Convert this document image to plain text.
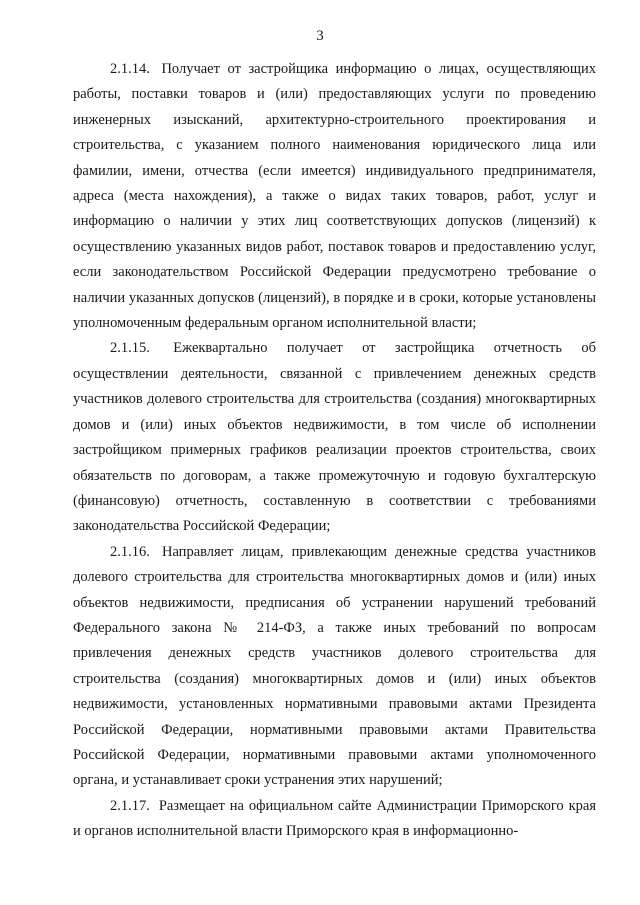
3

2.1.14. Получает от застройщика информацию о лицах, осуществляющих работы, поставки товаров и (или) предоставляющих услуги по проведению инженерных изысканий, архитектурно-строительного проектирования и строительства, с указанием полного наименования юридического лица или фамилии, имени, отчества (если имеется) индивидуального предпринимателя, адреса (места нахождения), а также о видах таких товаров, работ, услуг и информацию о наличии у этих лиц соответствующих допусков (лицензий) к осуществлению указанных видов работ, поставок товаров и предоставлению услуг, если законодательством Российской Федерации предусмотрено требование о наличии указанных допусков (лицензий), в порядке и в сроки, которые установлены уполномоченным федеральным органом исполнительной власти;

2.1.15. Ежеквартально получает от застройщика отчетность об осуществлении деятельности, связанной с привлечением денежных средств участников долевого строительства для строительства (создания) многоквартирных домов и (или) иных объектов недвижимости, в том числе об исполнении застройщиком примерных графиков реализации проектов строительства, своих обязательств по договорам, а также промежуточную и годовую бухгалтерскую (финансовую) отчетность, составленную в соответствии с требованиями законодательства Российской Федерации;

2.1.16. Направляет лицам, привлекающим денежные средства участников долевого строительства для строительства многоквартирных домов и (или) иных объектов недвижимости, предписания об устранении нарушений требований Федерального закона № 214-ФЗ, а также иных требований по вопросам привлечения денежных средств участников долевого строительства для строительства (создания) многоквартирных домов и (или) иных объектов недвижимости, установленных нормативными правовыми актами Президента Российской Федерации, нормативными правовыми актами Правительства Российской Федерации, нормативными правовыми актами уполномоченного органа, и устанавливает сроки устранения этих нарушений;

2.1.17. Размещает на официальном сайте Администрации Приморского края и органов исполнительной власти Приморского края в информационно-
